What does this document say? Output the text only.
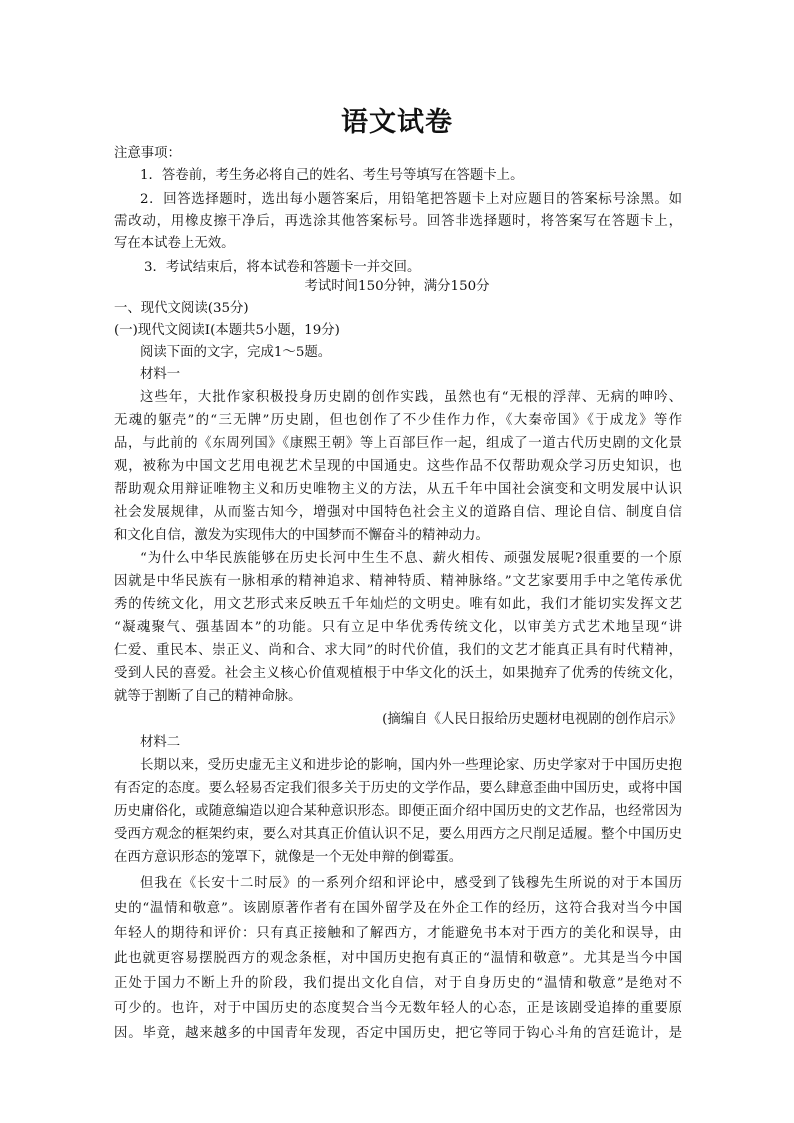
语文试卷
注意事项：
1．答卷前，考生务必将自己的姓名、考生号等填写在答题卡上。
2．回答选择题时，选出每小题答案后，用铅笔把答题卡上对应题目的答案标号涂黑。如
需改动，用橡皮擦干净后，再选涂其他答案标号。回答非选择题时，将答案写在答题卡上，
写在本试卷上无效。
3．考试结束后，将本试卷和答题卡一并交回。
考试时间150分钟，满分150分
一、现代文阅读(35分)
(一)现代文阅读Ⅰ(本题共5小题，19分)
阅读下面的文字，完成1～5题。
材料一
这些年，大批作家积极投身历史剧的创作实践，虽然也有“无根的浮萍、无病的呻吟、
无魂的躯壳”的“三无牌”历史剧，但也创作了不少佳作力作，《大秦帝国》《于成龙》等作
品，与此前的《东周列国》《康熙王朝》等上百部巨作一起，组成了一道古代历史剧的文化景
观，被称为中国文艺用电视艺术呈现的中国通史。这些作品不仅帮助观众学习历史知识，也
帮助观众用辩证唯物主义和历史唯物主义的方法，从五千年中国社会演变和文明发展中认识
社会发展规律，从而鉴古知今，增强对中国特色社会主义的道路自信、理论自信、制度自信
和文化自信，激发为实现伟大的中国梦而不懈奋斗的精神动力。
“为什么中华民族能够在历史长河中生生不息、薪火相传、顽强发展呢?很重要的一个原
因就是中华民族有一脉相承的精神追求、精神特质、精神脉络。”文艺家要用手中之笔传承优
秀的传统文化，用文艺形式来反映五千年灿烂的文明史。唯有如此，我们才能切实发挥文艺
“凝魂聚气、强基固本”的功能。只有立足中华优秀传统文化，以审美方式艺术地呈现“讲
仁爱、重民本、崇正义、尚和合、求大同”的时代价值，我们的文艺才能真正具有时代精神，
受到人民的喜爱。社会主义核心价值观植根于中华文化的沃土，如果抛弃了优秀的传统文化，
就等于割断了自己的精神命脉。
(摘编自《人民日报给历史题材电视剧的创作启示》
材料二
长期以来，受历史虚无主义和进步论的影响，国内外一些理论家、历史学家对于中国历史抱
有否定的态度。要么轻易否定我们很多关于历史的文学作品，要么肆意歪曲中国历史，或将中国
历史庸俗化，或随意编造以迎合某种意识形态。即便正面介绍中国历史的文艺作品，也经常因为
受西方观念的框架约束，要么对其真正价值认识不足，要么用西方之尺削足适履。整个中国历史
在西方意识形态的笼罩下，就像是一个无处申辩的倒霉蛋。
但我在《长安十二时辰》的一系列介绍和评论中，感受到了钱穆先生所说的对于本国历
史的“温情和敬意”。该剧原著作者有在国外留学及在外企工作的经历，这符合我对当今中国
年轻人的期待和评价：只有真正接触和了解西方，才能避免书本对于西方的美化和误导，由
此也就更容易摆脱西方的观念条框，对中国历史抱有真正的“温情和敬意”。尤其是当今中国
正处于国力不断上升的阶段，我们提出文化自信，对于自身历史的“温情和敬意”是绝对不
可少的。也许，对于中国历史的态度契合当今无数年轻人的心态，正是该剧受追捧的重要原
因。毕竟，越来越多的中国青年发现，否定中国历史，把它等同于钩心斗角的宫廷诡计，是
